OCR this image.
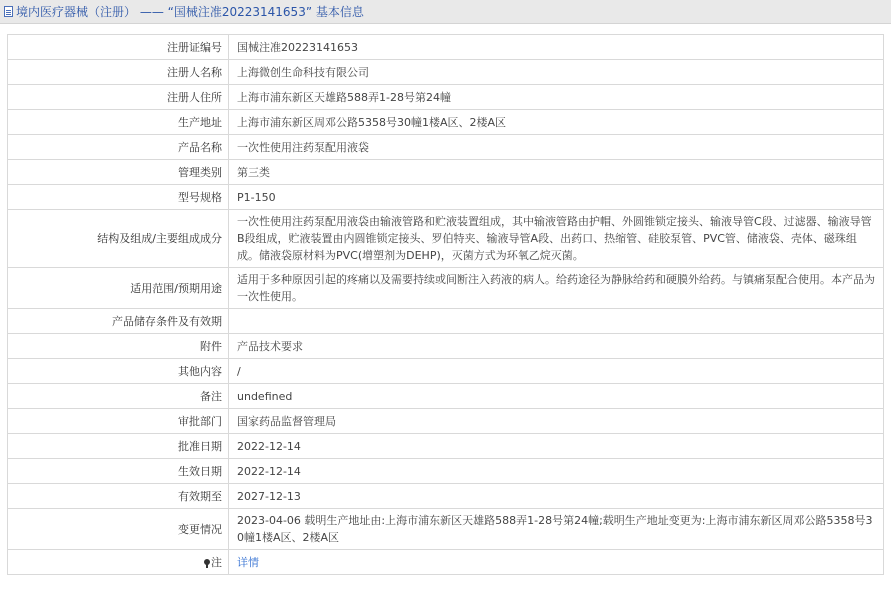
境内医疗器械（注册） —— “国械注准20223141653” 基本信息
注册证编号	国械注准20223141653
注册人名称	上海微创生命科技有限公司
注册人住所	上海市浦东新区天雄路588弄1-28号第24幢
生产地址	上海市浦东新区周邓公路5358号30幢1楼A区、2楼A区
产品名称	一次性使用注药泵配用液袋
管理类别	第三类
型号规格	P1-150
结构及组成/主要组成成分	一次性使用注药泵配用液袋由输液管路和贮液装置组成，其中输液管路由护帽、外圆锥锁定接头、输液导管C段、过滤器、输液导管B段组成，贮液装置由内圆锥锁定接头、罗伯特夹、输液导管A段、出药口、热缩管、硅胶泵管、PVC管、储液袋、壳体、磁珠组成。储液袋原材料为PVC(增塑剂为DEHP)，灭菌方式为环氧乙烷灭菌。
适用范围/预期用途	适用于多种原因引起的疼痛以及需要持续或间断注入药液的病人。给药途径为静脉给药和硬膜外给药。与镇痛泵配合使用。本产品为一次性使用。
产品储存条件及有效期	
附件	产品技术要求
其他内容	/
备注	undefined
审批部门	国家药品监督管理局
批准日期	2022-12-14
生效日期	2022-12-14
有效期至	2027-12-13
变更情况	2023-04-06 载明生产地址由:上海市浦东新区天雄路588弄1-28号第24幢;载明生产地址变更为:上海市浦东新区周邓公路5358号30幢1楼A区、2楼A区
注	详情
